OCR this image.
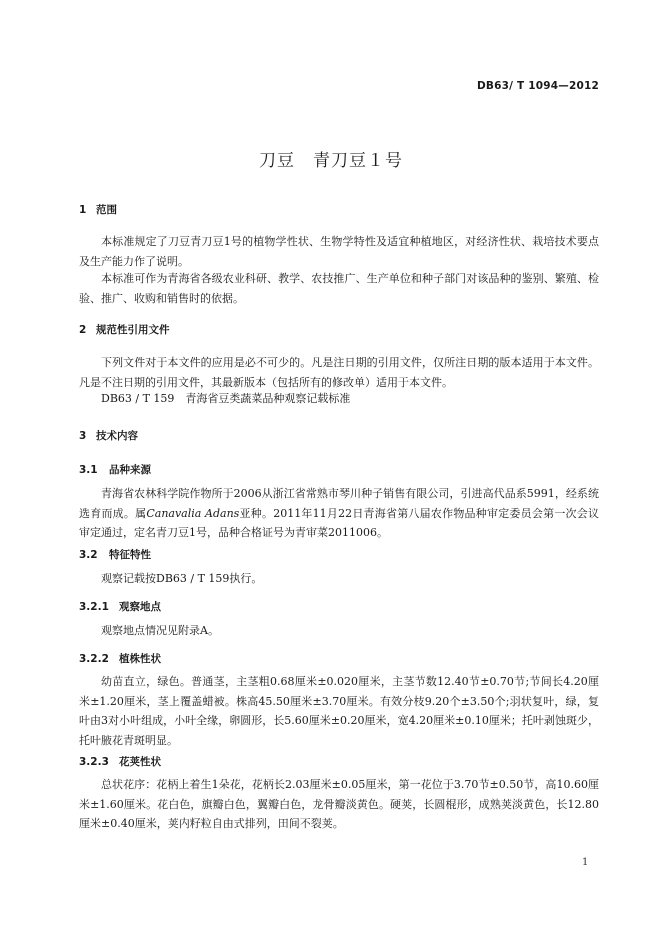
DB63/ T 1094—2012
刀豆　青刀豆１号
1 范围
本标准规定了刀豆青刀豆1号的植物学性状、生物学特性及适宜种植地区，对经济性状、栽培技术要点及生产能力作了说明。
本标准可作为青海省各级农业科研、教学、农技推广、生产单位和种子部门对该品种的鉴别、繁殖、检验、推广、收购和销售时的依据。
2 规范性引用文件
下列文件对于本文件的应用是必不可少的。凡是注日期的引用文件，仅所注日期的版本适用于本文件。凡是不注日期的引用文件，其最新版本（包括所有的修改单）适用于本文件。
DB63 / T 159　青海省豆类蔬菜品种观察记载标准
3 技术内容
3.1 品种来源
青海省农林科学院作物所于2006从浙江省常熟市琴川种子销售有限公司，引进高代品系5991，经系统选育而成。属Canavalia Adans亚种。2011年11月22日青海省第八届农作物品种审定委员会第一次会议审定通过，定名青刀豆1号，品种合格证号为青审菜2011006。
3.2 特征特性
观察记载按DB63 / T 159执行。
3.2.1 观察地点
观察地点情况见附录A。
3.2.2 植株性状
幼苗直立，绿色。普通茎，主茎粗0.68厘米±0.020厘米，主茎节数12.40节±0.70节;节间长4.20厘米±1.20厘米，茎上覆盖蜡被。株高45.50厘米±3.70厘米。有效分枝9.20个±3.50个;羽状复叶，绿，复叶由3对小叶组成，小叶全缘，卵圆形，长5.60厘米±0.20厘米，宽4.20厘米±0.10厘米；托叶剥蚀斑少，托叶腋花青斑明显。
3.2.3 花荚性状
总状花序：花柄上着生1朵花，花柄长2.03厘米±0.05厘米，第一花位于3.70节±0.50节，高10.60厘米±1.60厘米。花白色，旗瓣白色，翼瓣白色，龙骨瓣淡黄色。硬荚，长圆棍形，成熟荚淡黄色，长12.80厘米±0.40厘米，荚内籽粒自由式排列，田间不裂荚。
1
